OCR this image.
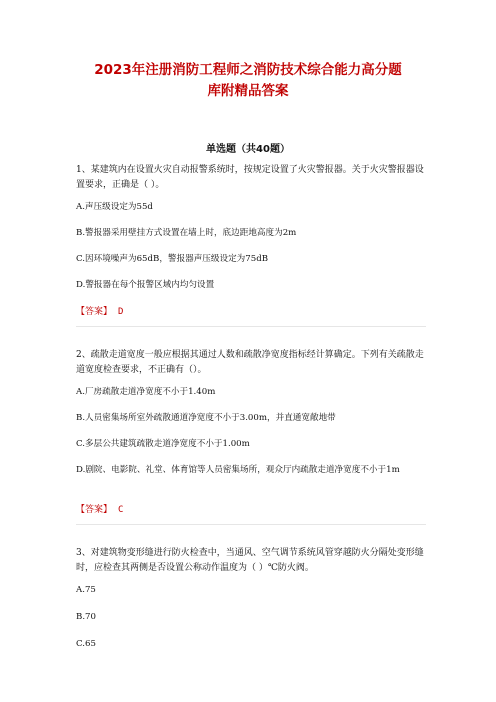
2023年注册消防工程师之消防技术综合能力高分题
库附精品答案
单选题（共40题）
1、某建筑内在设置火灾自动报警系统时，按规定设置了火灾警报器。关于火灾警报器设置要求，正确是（ ）。
A.声压级设定为55d
B.警报器采用壁挂方式设置在墙上时，底边距地高度为2m
C.因环境噪声为65dB，警报器声压级设定为75dB
D.警报器在每个报警区域内均匀设置
【答案】 D
2、疏散走道宽度一般应根据其通过人数和疏散净宽度指标经计算确定。下列有关疏散走道宽度检查要求，不正确有（）。
A.厂房疏散走道净宽度不小于1.40m
B.人员密集场所室外疏散通道净宽度不小于3.00m，并直通宽敞地带
C.多层公共建筑疏散走道净宽度不小于1.00m
D.剧院、电影院、礼堂、体育馆等人员密集场所，观众厅内疏散走道净宽度不小于1m
【答案】 C
3、对建筑物变形缝进行防火检查中，当通风、空气调节系统风管穿越防火分隔处变形缝时，应检查其两侧是否设置公称动作温度为（ ）℃防火阀。
A.75
B.70
C.65
